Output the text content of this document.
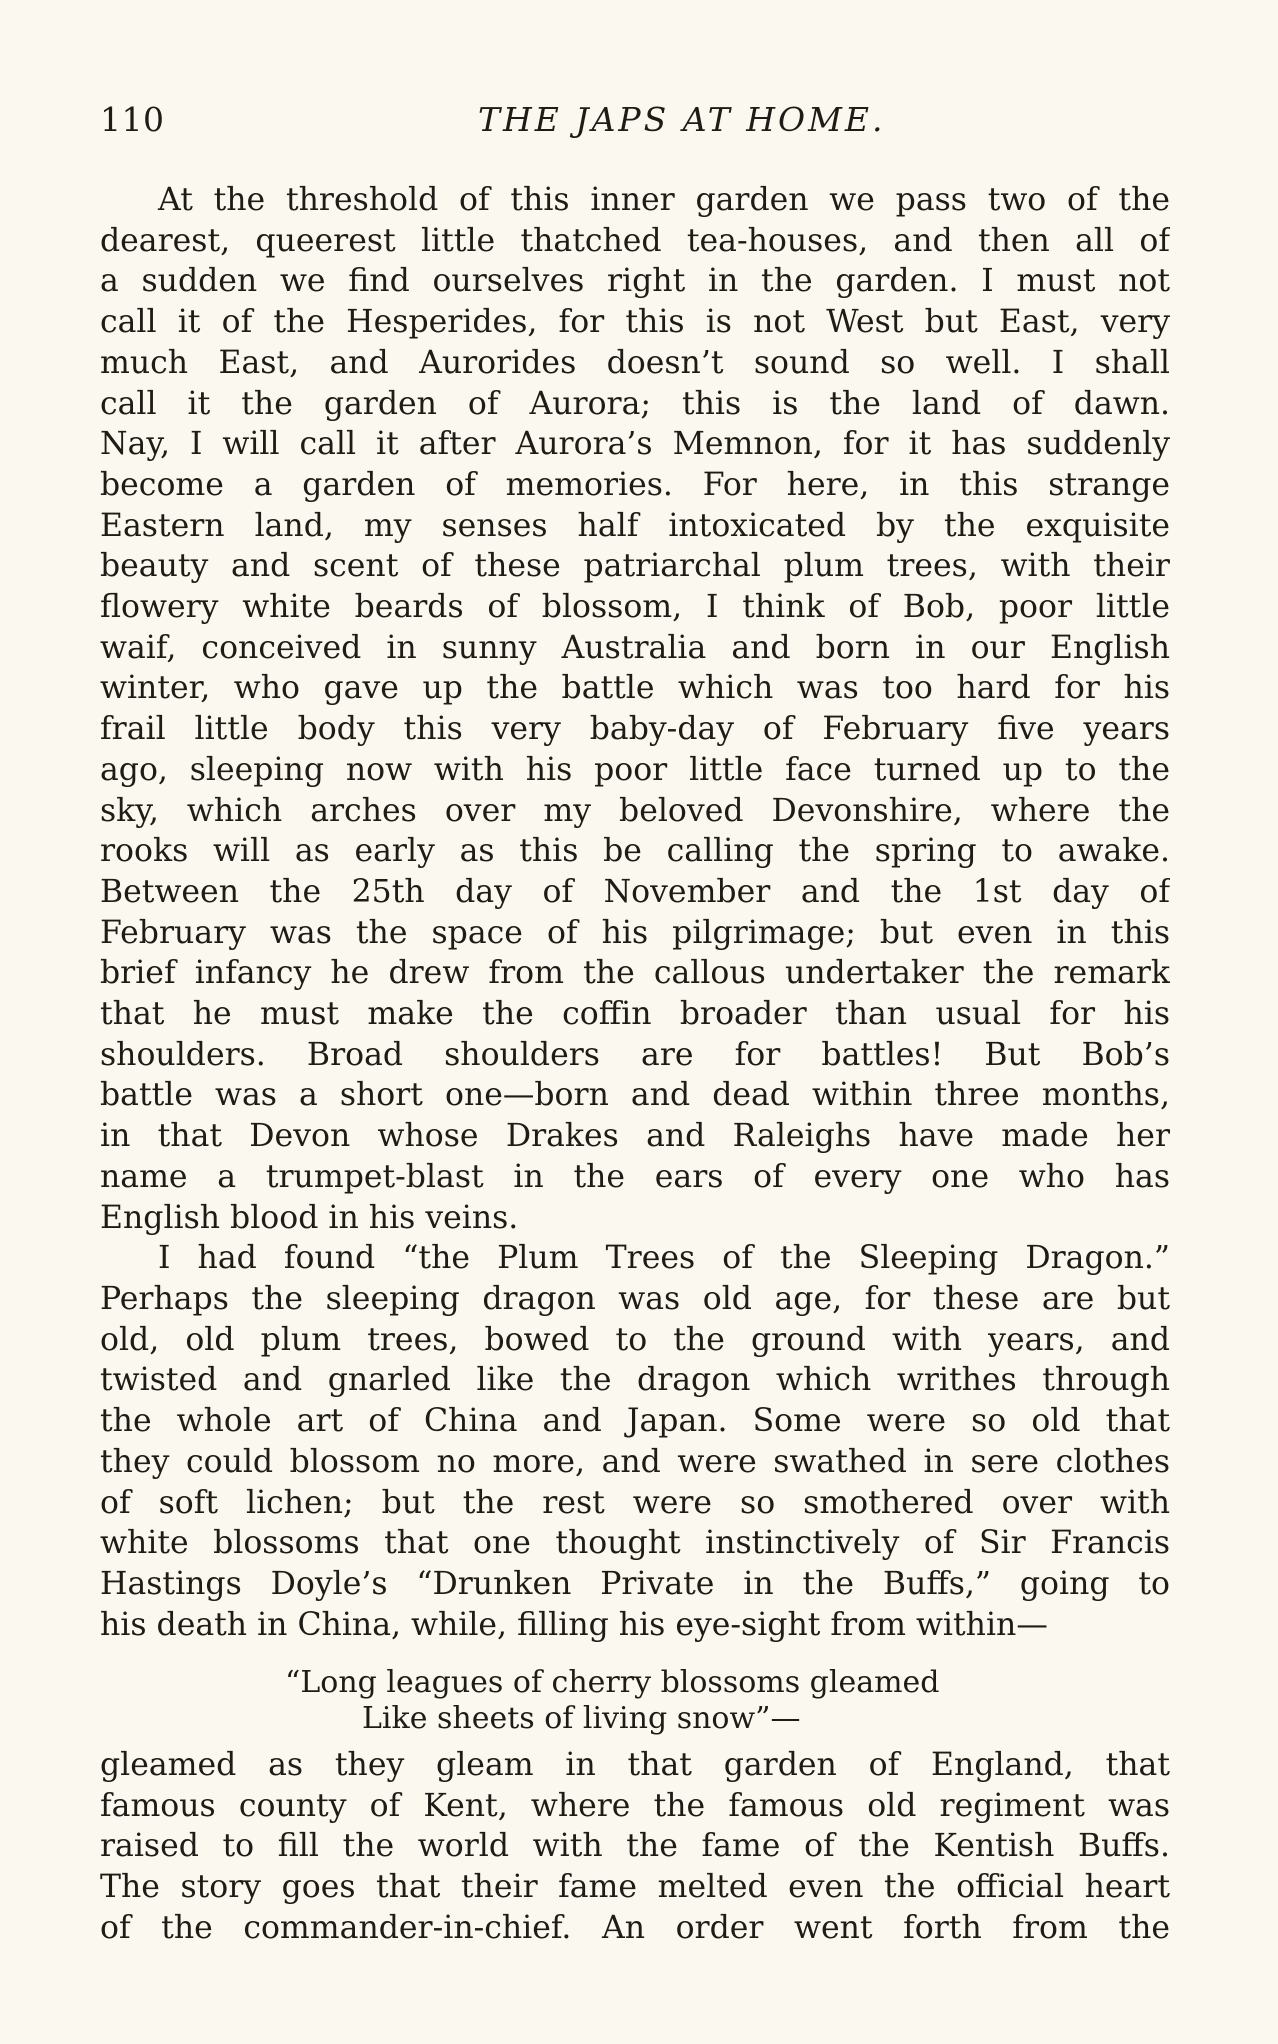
110	THE JAPS AT HOME.
At the threshold of this inner garden we pass two of the
dearest, queerest little thatched tea-houses, and then all of
a sudden we find ourselves right in the garden. I must not
call it of the Hesperides, for this is not West but East, very
much East, and Aurorides doesn’t sound so well. I shall
call it the garden of Aurora; this is the land of dawn.
Nay, I will call it after Aurora’s Memnon, for it has suddenly
become a garden of memories. For here, in this strange
Eastern land, my senses half intoxicated by the exquisite
beauty and scent of these patriarchal plum trees, with their
flowery white beards of blossom, I think of Bob, poor little
waif, conceived in sunny Australia and born in our English
winter, who gave up the battle which was too hard for his
frail little body this very baby-day of February five years
ago, sleeping now with his poor little face turned up to the
sky, which arches over my beloved Devonshire, where the
rooks will as early as this be calling the spring to awake.
Between the 25th day of November and the 1st day of
February was the space of his pilgrimage; but even in this
brief infancy he drew from the callous undertaker the remark
that he must make the coffin broader than usual for his
shoulders. Broad shoulders are for battles! But Bob’s
battle was a short one—born and dead within three months,
in that Devon whose Drakes and Raleighs have made her
name a trumpet-blast in the ears of every one who has
English blood in his veins.
I had found “the Plum Trees of the Sleeping Dragon.”
Perhaps the sleeping dragon was old age, for these are but
old, old plum trees, bowed to the ground with years, and
twisted and gnarled like the dragon which writhes through
the whole art of China and Japan. Some were so old that
they could blossom no more, and were swathed in sere clothes
of soft lichen; but the rest were so smothered over with
white blossoms that one thought instinctively of Sir Francis
Hastings Doyle’s “Drunken Private in the Buffs,” going to
his death in China, while, filling his eye-sight from within—
“Long leagues of cherry blossoms gleamed
Like sheets of living snow”—
gleamed as they gleam in that garden of England, that
famous county of Kent, where the famous old regiment was
raised to fill the world with the fame of the Kentish Buffs.
The story goes that their fame melted even the official heart
of the commander-in-chief. An order went forth from the
